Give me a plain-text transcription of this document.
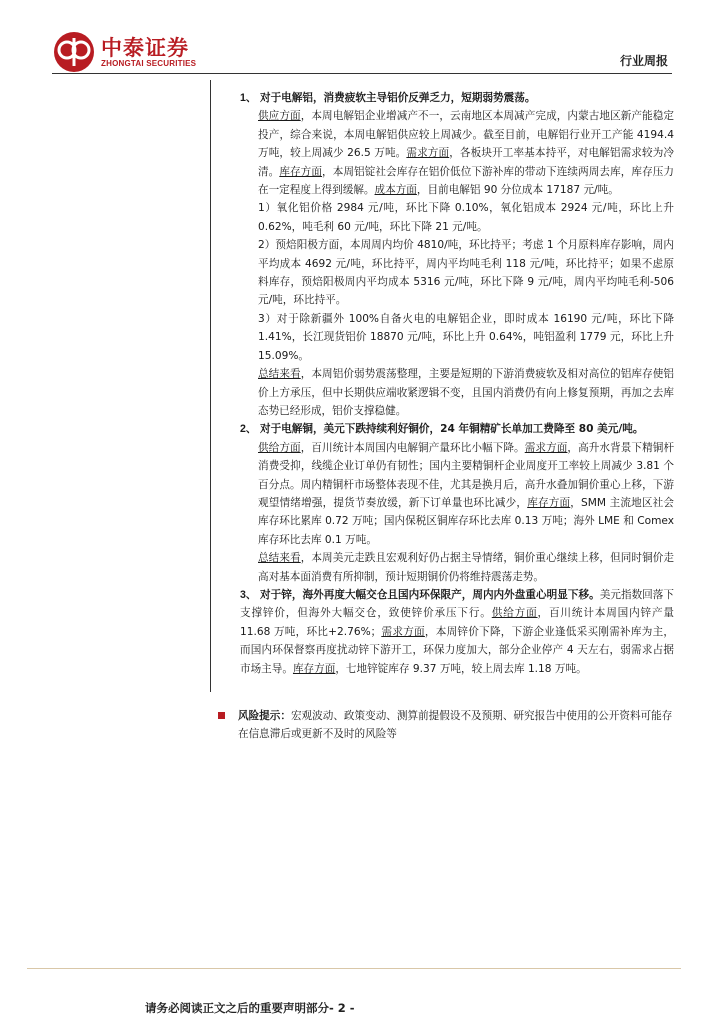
中泰证券
ZHONGTAI SECURITIES	行业周报

1、 对于电解铝，消费疲软主导铝价反弹乏力，短期弱势震荡。

供应方面，本周电解铝企业增减产不一，云南地区本周减产完成，内蒙古地区新产能稳定投产，综合来说，本周电解铝供应较上周减少。截至目前，电解铝行业开工产能 4194.4 万吨，较上周减少 26.5 万吨。需求方面，各板块开工率基本持平，对电解铝需求较为冷清。库存方面，本周铝锭社会库存在铝价低位下游补库的带动下连续两周去库，库存压力在一定程度上得到缓解。成本方面，目前电解铝 90 分位成本 17187 元/吨。

1）氧化铝价格 2984 元/吨，环比下降 0.10%，氧化铝成本 2924 元/吨，环比上升 0.62%，吨毛利 60 元/吨，环比下降 21 元/吨。

2）预焙阳极方面，本周周内均价 4810/吨，环比持平；考虑 1 个月原料库存影响，周内平均成本 4692 元/吨，环比持平，周内平均吨毛利 118 元/吨，环比持平；如果不虑原料库存，预焙阳极周内平均成本 5316 元/吨，环比下降 9 元/吨，周内平均吨毛利-506 元/吨，环比持平。

3）对于除新疆外 100%自备火电的电解铝企业，即时成本 16190 元/吨，环比下降 1.41%，长江现货铝价 18870 元/吨，环比上升 0.64%，吨铝盈利 1779 元，环比上升 15.09%。

总结来看，本周铝价弱势震荡整理，主要是短期的下游消费疲软及相对高位的铝库存使铝价上方承压，但中长期供应端收紧逻辑不变，且国内消费仍有向上修复预期，再加之去库态势已经形成，铝价支撑稳健。

2、 对于电解铜，美元下跌持续利好铜价，24 年铜精矿长单加工费降至 80 美元/吨。

供给方面，百川统计本周国内电解铜产量环比小幅下降。需求方面，高升水背景下精铜杆消费受抑，线缆企业订单仍有韧性；国内主要精铜杆企业周度开工率较上周减少 3.81 个百分点。周内精铜杆市场整体表现不佳，尤其是换月后，高升水叠加铜价重心上移，下游观望情绪增强，提货节奏放缓，新下订单量也环比减少，库存方面，SMM 主流地区社会库存环比累库 0.72 万吨；国内保税区铜库存环比去库 0.13 万吨；海外 LME 和 Comex 库存环比去库 0.1 万吨。

总结来看，本周美元走跌且宏观利好仍占据主导情绪，铜价重心继续上移，但同时铜价走高对基本面消费有所抑制，预计短期铜价仍将维持震荡走势。

3、 对于锌，海外再度大幅交仓且国内环保限产，周内内外盘重心明显下移。美元指数回落下支撑锌价，但海外大幅交仓，致使锌价承压下行。供给方面，百川统计本周国内锌产量 11.68 万吨，环比+2.76%；需求方面，本周锌价下降，下游企业逢低采买刚需补库为主，而国内环保督察再度扰动锌下游开工，环保力度加大，部分企业停产 4 天左右，弱需求占据市场主导。库存方面，七地锌锭库存 9.37 万吨，较上周去库 1.18 万吨。

风险提示：宏观波动、政策变动、测算前提假设不及预期、研究报告中使用的公开资料可能存在信息滞后或更新不及时的风险等

请务必阅读正文之后的重要声明部分- 2 -
